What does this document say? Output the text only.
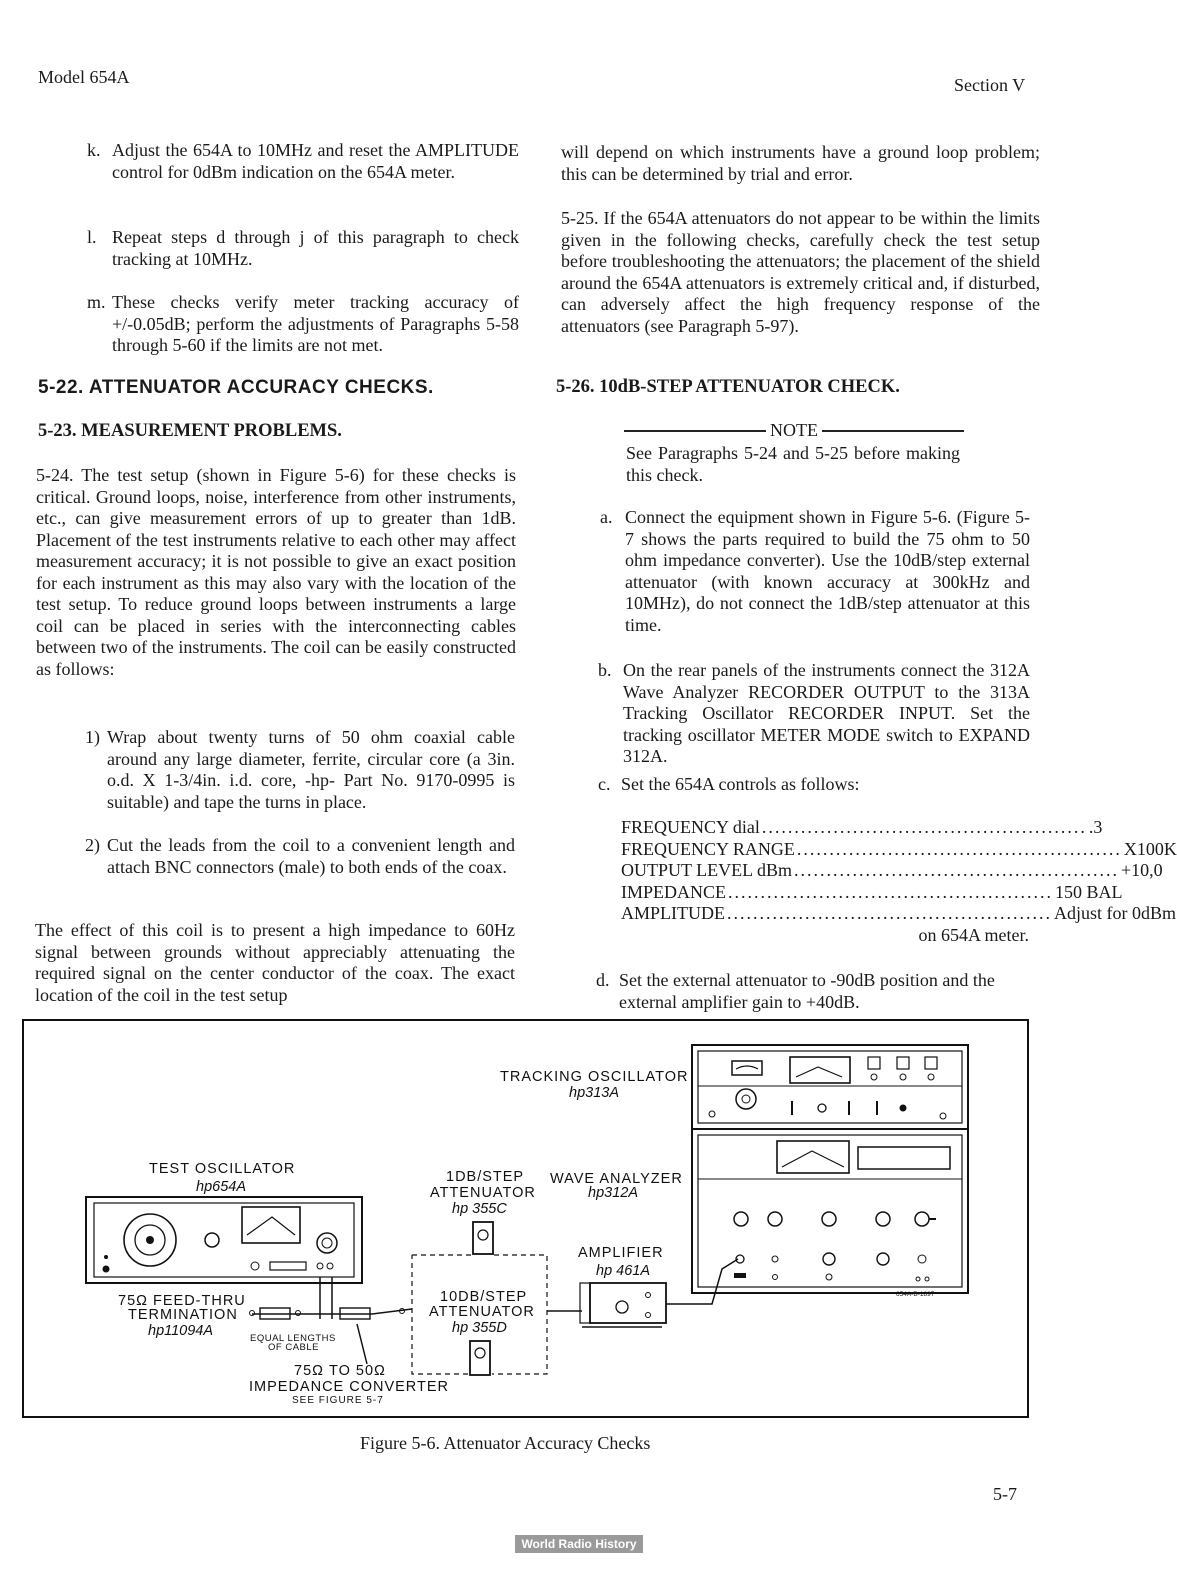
Model 654A	Section V
k. Adjust the 654A to 10MHz and reset the AMPLITUDE control for 0dBm indication on the 654A meter.
l. Repeat steps d through j of this paragraph to check tracking at 10MHz.
m. These checks verify meter tracking accuracy of +/-0.05dB; perform the adjustments of Paragraphs 5-58 through 5-60 if the limits are not met.
5-22. ATTENUATOR ACCURACY CHECKS.
5-23. MEASUREMENT PROBLEMS.
5-24. The test setup (shown in Figure 5-6) for these checks is critical. Ground loops, noise, interference from other instruments, etc., can give measurement errors of up to greater than 1dB. Placement of the test instruments relative to each other may affect measurement accuracy; it is not possible to give an exact position for each instrument as this may also vary with the location of the test setup. To reduce ground loops between instruments a large coil can be placed in series with the interconnecting cables between two of the instruments. The coil can be easily constructed as follows:
1) Wrap about twenty turns of 50 ohm coaxial cable around any large diameter, ferrite, circular core (a 3in. o.d. X 1-3/4in. i.d. core, -hp- Part No. 9170-0995 is suitable) and tape the turns in place.
2) Cut the leads from the coil to a convenient length and attach BNC connectors (male) to both ends of the coax.
The effect of this coil is to present a high impedance to 60Hz signal between grounds without appreciably attenuating the required signal on the center conductor of the coax. The exact location of the coil in the test setup
will depend on which instruments have a ground loop problem; this can be determined by trial and error.
5-25. If the 654A attenuators do not appear to be within the limits given in the following checks, carefully check the test setup before troubleshooting the attenuators; the placement of the shield around the 654A attenuators is extremely critical and, if disturbed, can adversely affect the high frequency response of the attenuators (see Paragraph 5-97).
5-26. 10dB-STEP ATTENUATOR CHECK.
NOTE
See Paragraphs 5-24 and 5-25 before making this check.
a. Connect the equipment shown in Figure 5-6. (Figure 5-7 shows the parts required to build the 75 ohm to 50 ohm impedance converter). Use the 10dB/step external attenuator (with known accuracy at 300kHz and 10MHz), do not connect the 1dB/step attenuator at this time.
b. On the rear panels of the instruments connect the 312A Wave Analyzer RECORDER OUTPUT to the 313A Tracking Oscillator RECORDER INPUT. Set the tracking oscillator METER MODE switch to EXPAND 312A.
c. Set the 654A controls as follows:
FREQUENCY dial .................................................. .3
FREQUENCY RANGE .................................................. X100K
OUTPUT LEVEL dBm .................................................. +10,0
IMPEDANCE .................................................. 150 BAL
AMPLITUDE .................................................. Adjust for 0dBm
on 654A meter.
d. Set the external attenuator to -90dB position and the external amplifier gain to +40dB.
TRACKING OSCILLATOR
hp313A
TEST OSCILLATOR
hp654A
1DB/STEP
ATTENUATOR
hp 355C
WAVE ANALYZER
hp312A
AMPLIFIER
hp 461A
75Ω FEED-THRU
TERMINATION
hp11094A
10DB/STEP
ATTENUATOR
hp 355D
EQUAL LENGTHS
OF CABLE
75Ω TO 50Ω
IMPEDANCE CONVERTER
SEE FIGURE 5-7
654A-B-1897
Figure 5-6. Attenuator Accuracy Checks
5-7
World Radio History
